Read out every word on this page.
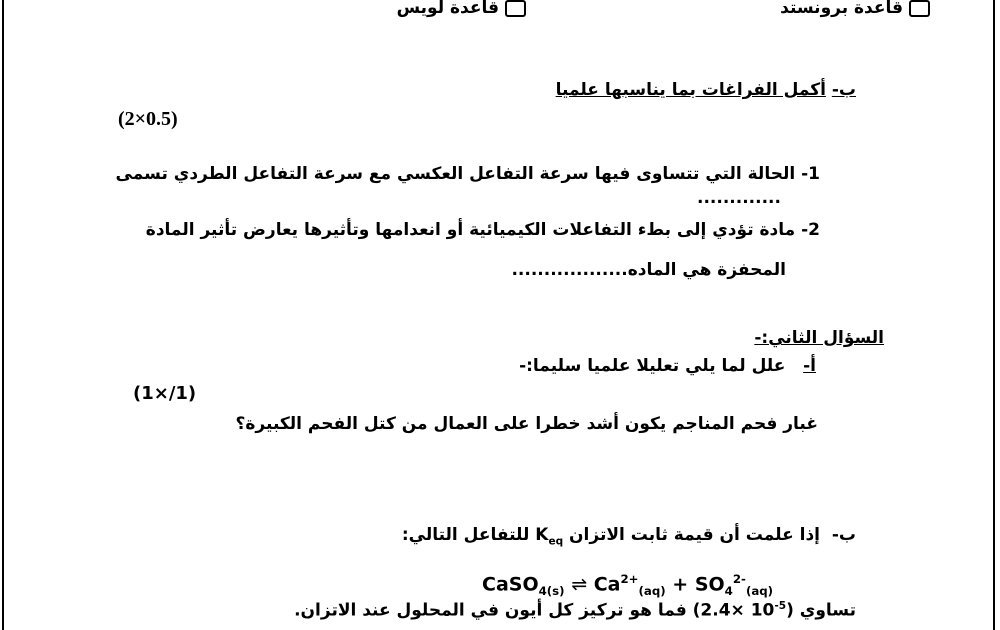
قاعدة برونستد
قاعدة لويس
ب- أكمل الفراغات بما يناسبها علميا
(2×0.5)
1- الحالة التي تتساوى فيها سرعة التفاعل العكسي مع سرعة التفاعل الطردي تسمى
.............
2- مادة تؤدي إلى بطء التفاعلات الكيميائية أو انعدامها وتأثيرها يعارض تأثير المادة
المحفزة هي الماده..................
السؤال الثاني:-
أ-   علل لما يلي تعليلا علميا سليما:-
(1×/1)
غبار فحم المناجم يكون أشد خطرا على العمال من كتل الفحم الكبيرة؟
ب-  إذا علمت أن قيمة ثابت الاتزان $K_{eq}$ للتفاعل التالي:
CaSO$_{4(s)}$ ⇌ $Ca^{2+}_{(aq)} + SO_4^{2-}_{(aq)}$
تساوي $(2.4\times 10^{-5})$ فما هو تركيز كل أيون في المحلول عند الاتزان.
